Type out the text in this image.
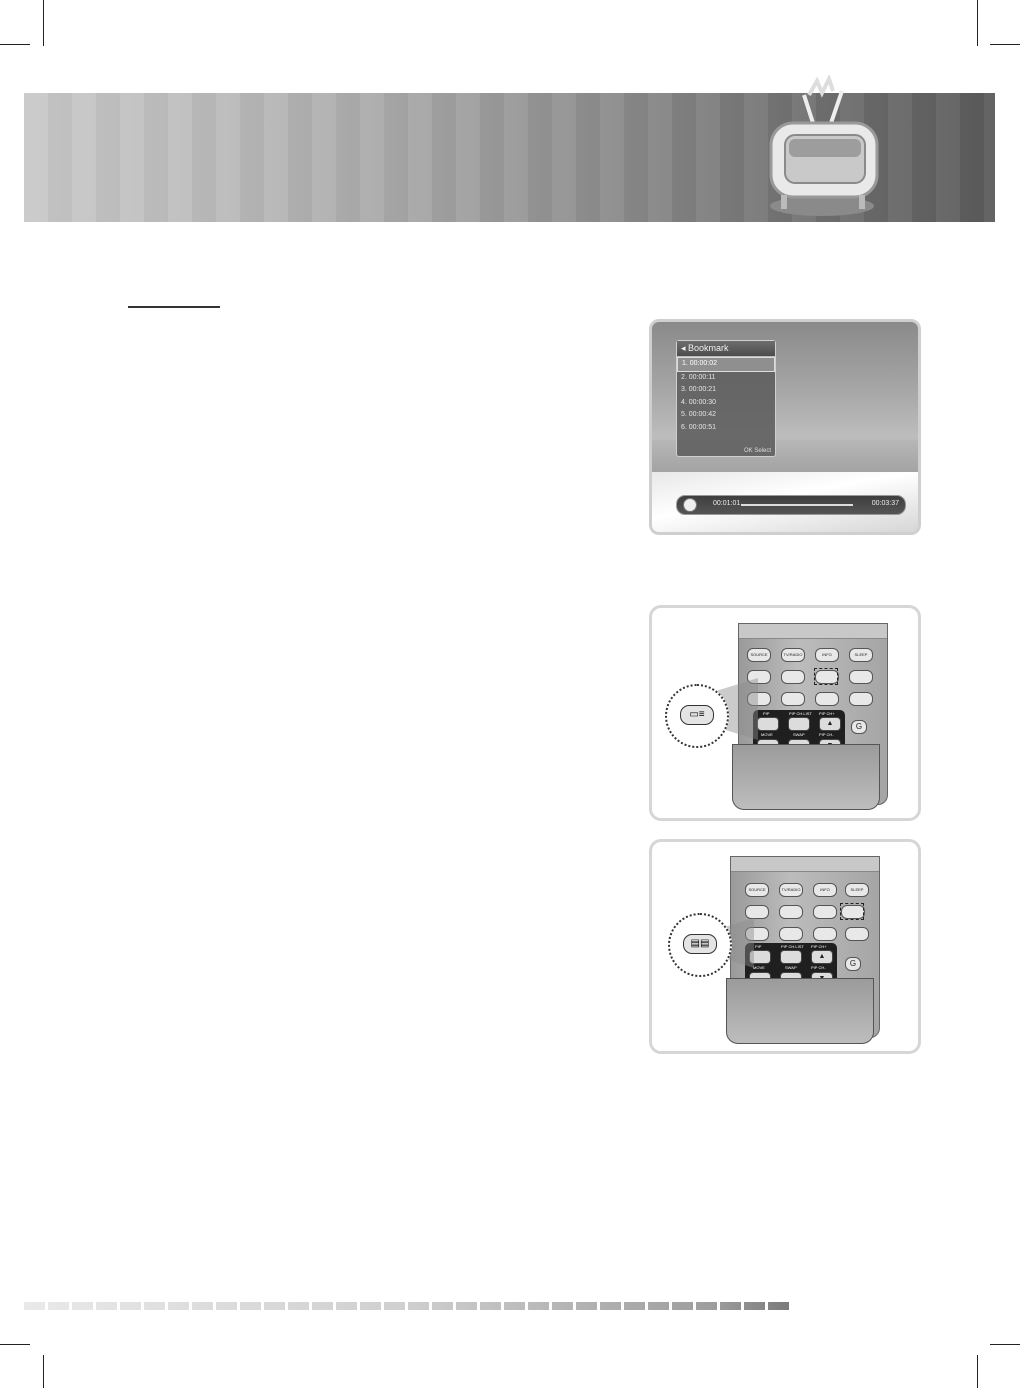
◂ Bookmark
1. 00:00:02
2. 00:00:11
3. 00:00:21
4. 00:00:30
5. 00:00:42
6. 00:00:51
OK Select
00:01:01	00:03:37
SOURCE	TV/RADIO	INFO	SLEEP
PIP	PIP CH.LIST PIP CH+
▲
MOVE	SWAP	PIP CH-
G
▭≡
SOURCE	TV/RADIO	INFO	SLEEP
PIP	PIP CH.LIST PIP CH+
▲
MOVE	SWAP	PIP CH-	G
▤▤
